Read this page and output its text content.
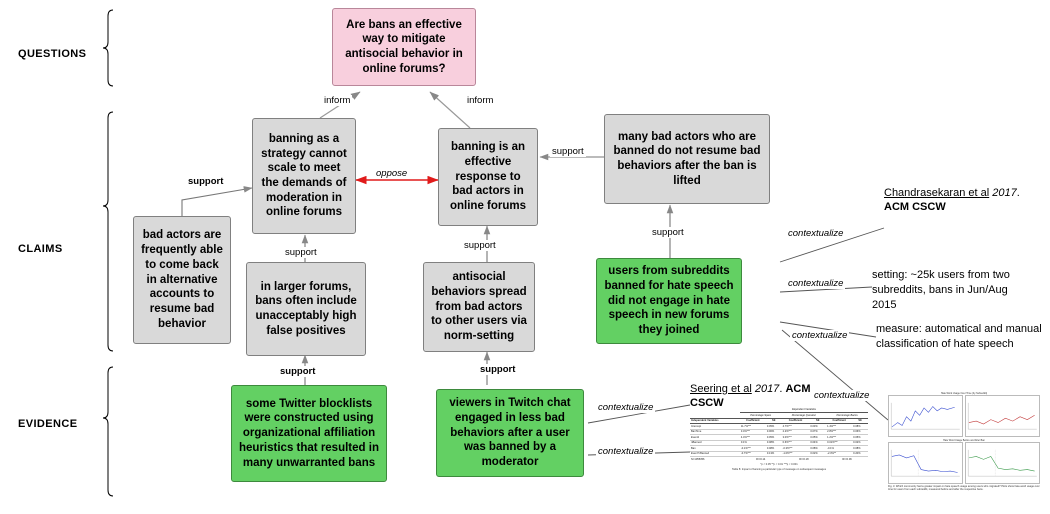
QUESTIONS
CLAIMS
EVIDENCE
Are bans an effective way to mitigate antisocial behavior in online forums?
banning as a strategy cannot scale to meet the demands of moderation in online forums
banning is an effective response to bad actors in online forums
many bad actors who are banned do not resume bad behaviors after the ban is lifted
bad actors are frequently able to come back in alternative accounts to resume bad behavior
in larger forums, bans often include unacceptably high false positives
antisocial behaviors spread from bad actors to other users via norm-setting
users from subreddits banned for hate speech did not engage in hate speech in new forums they joined
some Twitter blocklists were constructed using organizational affiliation heuristics that resulted in many unwarranted bans
viewers in Twitch chat engaged in less bad behaviors after a user was banned by a moderator
inform	inform
oppose
support
support
support
support
support
support	support
contextualize
contextualize
contextualize
contextualize
contextualize
contextualize
Chandrasekaran et al 2017. ACM CSCW
Seering et al 2017. ACM CSCW
setting: ~25k users from two subreddits, bans in Jun/Aug 2015
measure: automatical and manual classification of hate speech
	Dependent Variables					
	Percentage Spam		Percentage Question		Percentage Banks	
Independent Variables	Coefficient	SE	Coefficient	SE	Coefficient	SE
Intercept	11.7%***	0.05%	4.7%***	0.03%	1.4%***	0.08%
BanTime	3.4%***	0.06%	2.2%***	0.07%	2.8%***	0.06%
Event2	4.4%***	0.05%	3.0%***	0.05%	1.2%***	0.05%
nBanned	0.1%	0.08%	0.6%***	0.04%	0.01%***	0.02%
Ban	-0.1%***	0.08%	-0.3%***	0.08%	-0.1%	0.08%
Event*nBanned	-0.7%***	0.13%	-1.0%***	0.02%	-2.3%**	0.20%
N=1055356	R²=0.14		R²=0.18		R²=0.06	
*p < 0.05 **p < 0.01 ***p < 0.001
Table 8: Impact of banning a particular type of message on subsequent messages
Hate Word Usage Over Time (by Subreddit)
Hate Word Usage Before and After Ban
Fig. 3. Which community had a greater impact on hate speech usage among users who migrated? Plots show hate-word usage over time for users from each subreddit, measured before and after the respective bans.
